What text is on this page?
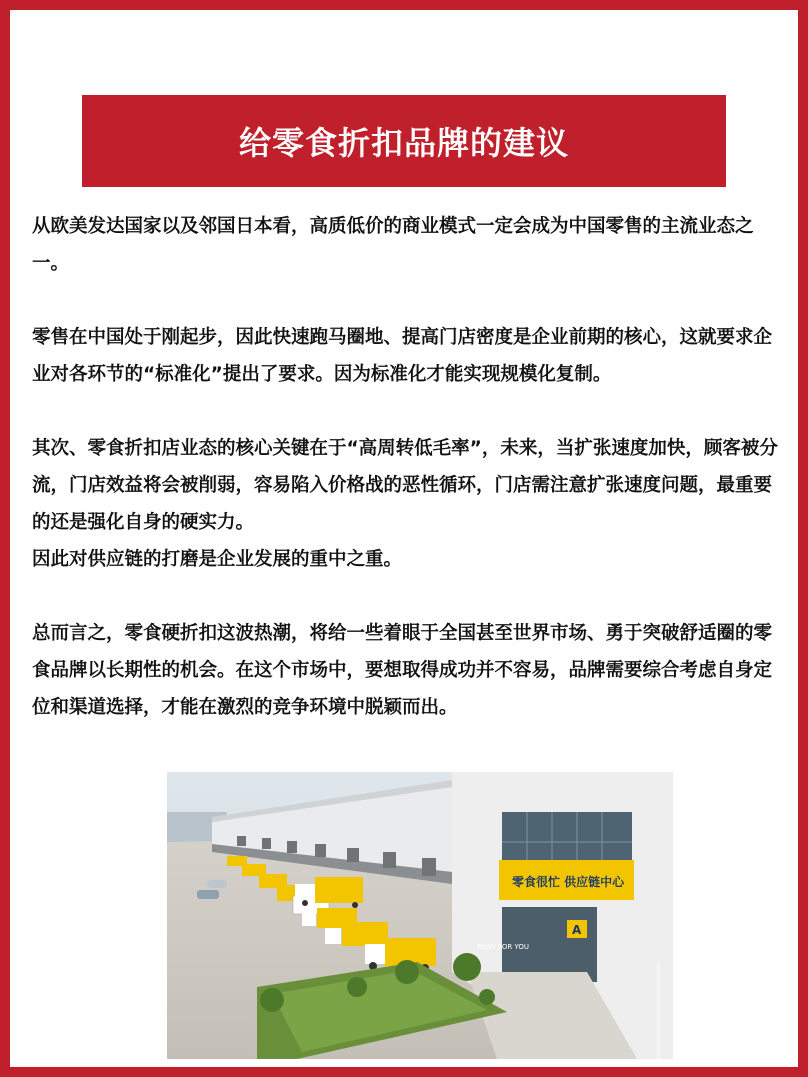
给零食折扣品牌的建议

从欧美发达国家以及邻国日本看，高质低价的商业模式一定会成为中国零售的主流业态之一。

零售在中国处于刚起步，因此快速跑马圈地、提高门店密度是企业前期的核心，这就要求企业对各环节的“标准化”提出了要求。因为标准化才能实现规模化复制。

其次、零食折扣店业态的核心关键在于“高周转低毛率”，未来，当扩张速度加快，顾客被分流，门店效益将会被削弱，容易陷入价格战的恶性循环，门店需注意扩张速度问题，最重要的还是强化自身的硬实力。

因此对供应链的打磨是企业发展的重中之重。

总而言之，零食硬折扣这波热潮，将给一些着眼于全国甚至世界市场、勇于突破舒适圈的零食品牌以长期性的机会。在这个市场中，要想取得成功并不容易，品牌需要综合考虑自身定位和渠道选择，才能在激烈的竞争环境中脱颖而出。

零食很忙 供应链中心
A
BUSY FOR YOU
